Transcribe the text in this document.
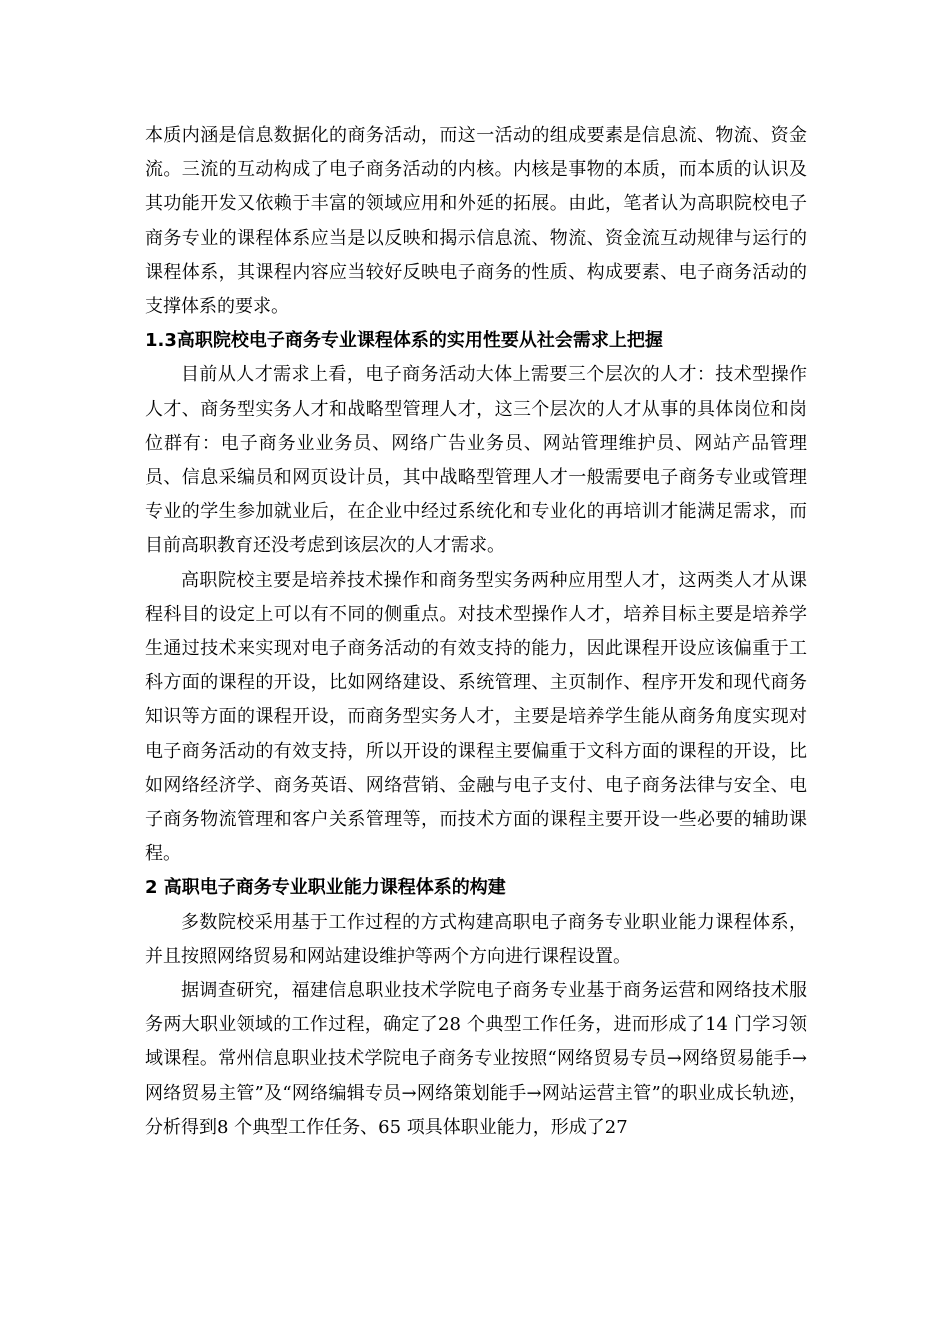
本质内涵是信息数据化的商务活动，而这一活动的组成要素是信息流、物流、资金流。三流的互动构成了电子商务活动的内核。内核是事物的本质，而本质的认识及其功能开发又依赖于丰富的领域应用和外延的拓展。由此，笔者认为高职院校电子商务专业的课程体系应当是以反映和揭示信息流、物流、资金流互动规律与运行的课程体系，其课程内容应当较好反映电子商务的性质、构成要素、电子商务活动的支撑体系的要求。

1.3高职院校电子商务专业课程体系的实用性要从社会需求上把握

目前从人才需求上看，电子商务活动大体上需要三个层次的人才：技术型操作人才、商务型实务人才和战略型管理人才，这三个层次的人才从事的具体岗位和岗位群有：电子商务业业务员、网络广告业务员、网站管理维护员、网站产品管理员、信息采编员和网页设计员，其中战略型管理人才一般需要电子商务专业或管理专业的学生参加就业后，在企业中经过系统化和专业化的再培训才能满足需求，而目前高职教育还没考虑到该层次的人才需求。

高职院校主要是培养技术操作和商务型实务两种应用型人才，这两类人才从课程科目的设定上可以有不同的侧重点。对技术型操作人才，培养目标主要是培养学生通过技术来实现对电子商务活动的有效支持的能力，因此课程开设应该偏重于工科方面的课程的开设，比如网络建设、系统管理、主页制作、程序开发和现代商务知识等方面的课程开设，而商务型实务人才，主要是培养学生能从商务角度实现对电子商务活动的有效支持，所以开设的课程主要偏重于文科方面的课程的开设，比如网络经济学、商务英语、网络营销、金融与电子支付、电子商务法律与安全、电子商务物流管理和客户关系管理等，而技术方面的课程主要开设一些必要的辅助课程。

2 高职电子商务专业职业能力课程体系的构建

多数院校采用基于工作过程的方式构建高职电子商务专业职业能力课程体系，并且按照网络贸易和网站建设维护等两个方向进行课程设置。

据调查研究，福建信息职业技术学院电子商务专业基于商务运营和网络技术服务两大职业领域的工作过程，确定了28 个典型工作任务，进而形成了14 门学习领域课程。常州信息职业技术学院电子商务专业按照“网络贸易专员→网络贸易能手→网络贸易主管”及“网络编辑专员→网络策划能手→网站运营主管”的职业成长轨迹，分析得到8 个典型工作任务、65 项具体职业能力，形成了27
